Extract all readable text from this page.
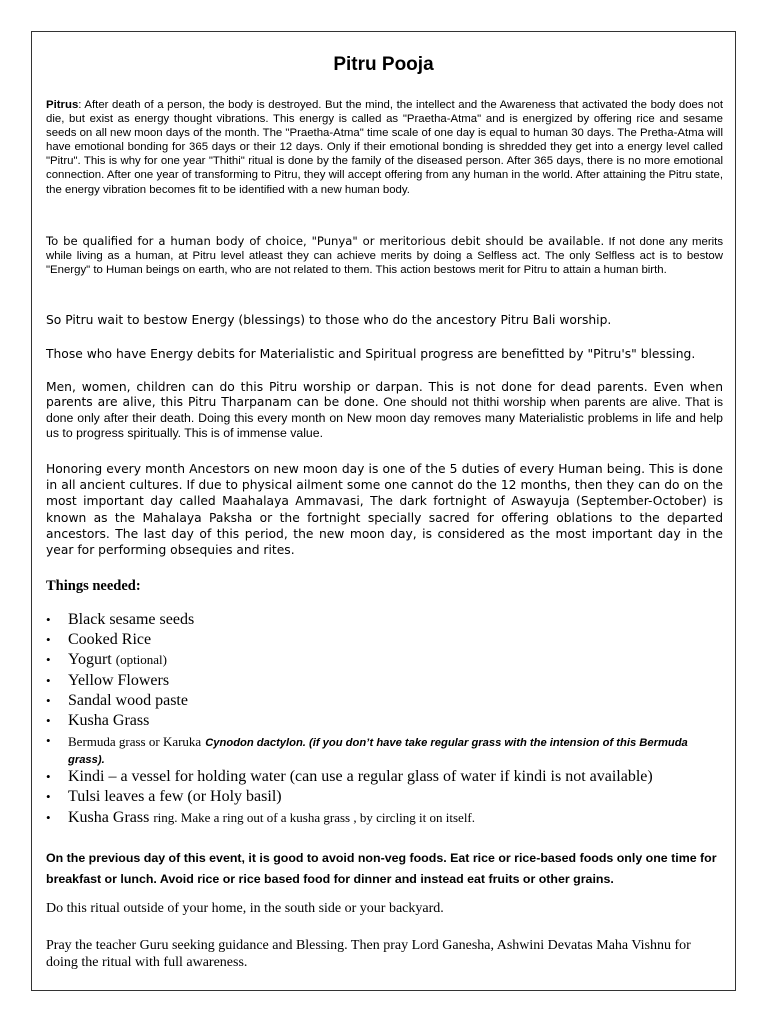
Pitru Pooja

Pitrus: After death of a person, the body is destroyed. But the mind, the intellect and the Awareness that activated the body does not die, but exist as energy thought vibrations. This energy is called as "Praetha-Atma" and is energized by offering rice and sesame seeds on all new moon days of the month. The "Praetha-Atma" time scale of one day is equal to human 30 days. The Pretha-Atma will have emotional bonding for 365 days or their 12 days. Only if their emotional bonding is shredded they get into a energy level called "Pitru". This is why for one year "Thithi" ritual is done by the family of the diseased person. After 365 days, there is no more emotional connection. After one year of transforming to Pitru, they will accept offering from any human in the world. After attaining the Pitru state, the energy vibration becomes fit to be identified with a new human body.

To be qualified for a human body of choice, "Punya" or meritorious debit should be available. If not done any merits while living as a human, at Pitru level atleast they can achieve merits by doing a Selfless act. The only Selfless act is to bestow "Energy" to Human beings on earth, who are not related to them. This action bestows merit for Pitru to attain a human birth.

So Pitru wait to bestow Energy (blessings) to those who do the ancestory Pitru Bali worship.

Those who have Energy debits for Materialistic and Spiritual progress are benefitted by "Pitru's" blessing.

Men, women, children can do this Pitru worship or darpan. This is not done for dead parents. Even when parents are alive, this Pitru Tharpanam can be done. One should not thithi worship when parents are alive. That is done only after their death. Doing this every month on New moon day removes many Materialistic problems in life and help us to progress spiritually. This is of immense value.

Honoring every month Ancestors on new moon day is one of the 5 duties of every Human being. This is done in all ancient cultures. If due to physical ailment some one cannot do the 12 months, then they can do on the most important day called Maahalaya Ammavasi, The dark fortnight of Aswayuja (September-October) is known as the Mahalaya Paksha or the fortnight specially sacred for offering oblations to the departed ancestors. The last day of this period, the new moon day, is considered as the most important day in the year for performing obsequies and rites.

Things needed:
• Black sesame seeds
• Cooked Rice
• Yogurt (optional)
• Yellow Flowers
• Sandal wood paste
• Kusha Grass
• Bermuda grass or Karuka Cynodon dactylon. (if you don’t have take regular grass with the intension of this Bermuda grass).
• Kindi – a vessel for holding water (can use a regular glass of water if kindi is not available)
• Tulsi leaves a few (or Holy basil)
• Kusha Grass ring. Make a ring out of a kusha grass , by circling it on itself.

On the previous day of this event, it is good to avoid non-veg foods. Eat rice or rice-based foods only one time for breakfast or lunch. Avoid rice or rice based food for dinner and instead eat fruits or other grains.

Do this ritual outside of your home, in the south side or your backyard.

Pray the teacher Guru seeking guidance and Blessing. Then pray Lord Ganesha, Ashwini Devatas Maha Vishnu for doing the ritual with full awareness.
